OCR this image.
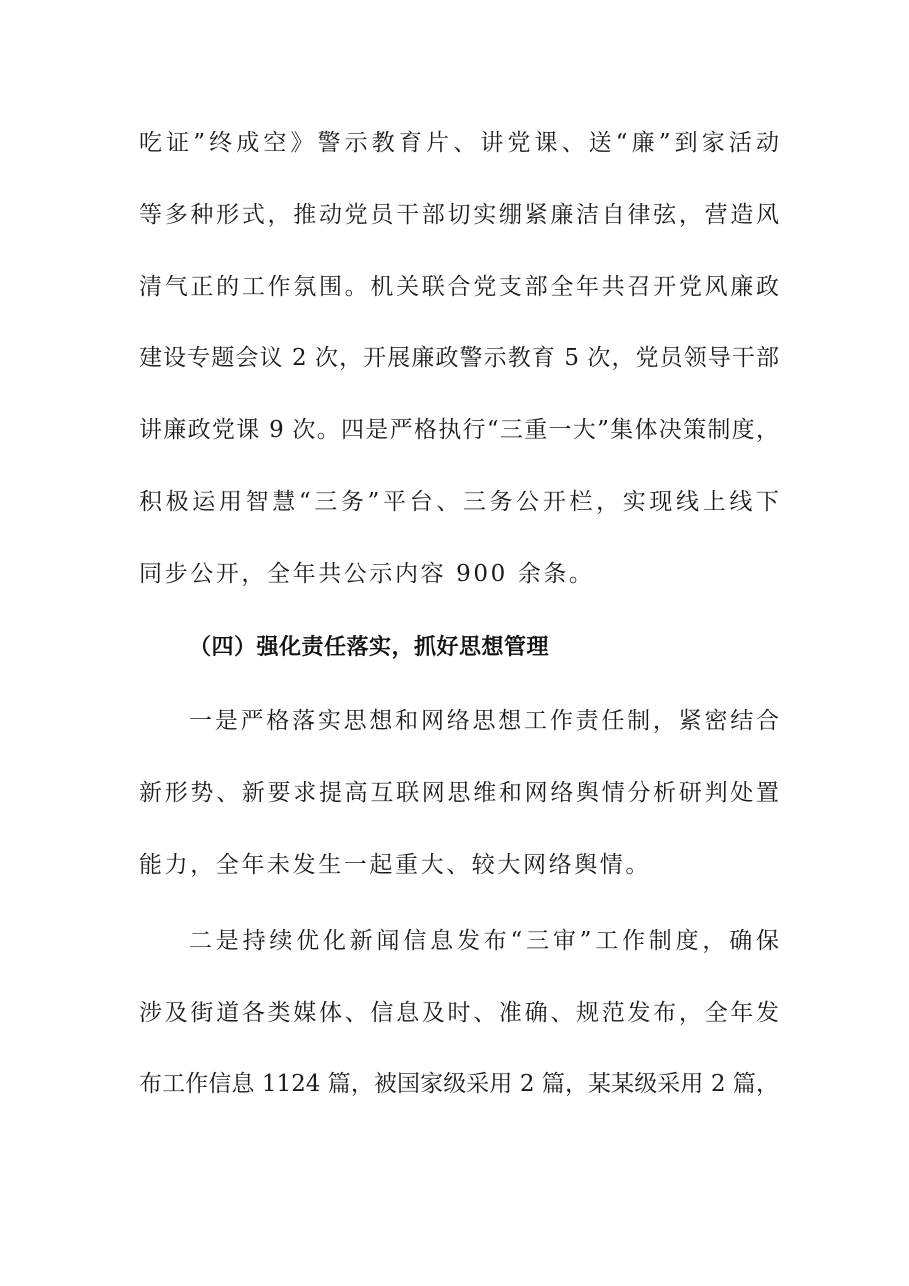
吃证”终成空》警示教育片、讲党课、送“廉”到家活动
等多种形式，推动党员干部切实绷紧廉洁自律弦，营造风
清气正的工作氛围。机关联合党支部全年共召开党风廉政
建设专题会议 2 次，开展廉政警示教育 5 次，党员领导干部
讲廉政党课 9 次。四是严格执行“三重一大”集体决策制度，
积极运用智慧“三务”平台、三务公开栏，实现线上线下
同步公开，全年共公示内容 900 余条。
（四）强化责任落实，抓好思想管理
一是严格落实思想和网络思想工作责任制，紧密结合
新形势、新要求提高互联网思维和网络舆情分析研判处置
能力，全年未发生一起重大、较大网络舆情。
二是持续优化新闻信息发布“三审”工作制度，确保
涉及街道各类媒体、信息及时、准确、规范发布，全年发
布工作信息 1124 篇，被国家级采用 2 篇，某某级采用 2 篇，
